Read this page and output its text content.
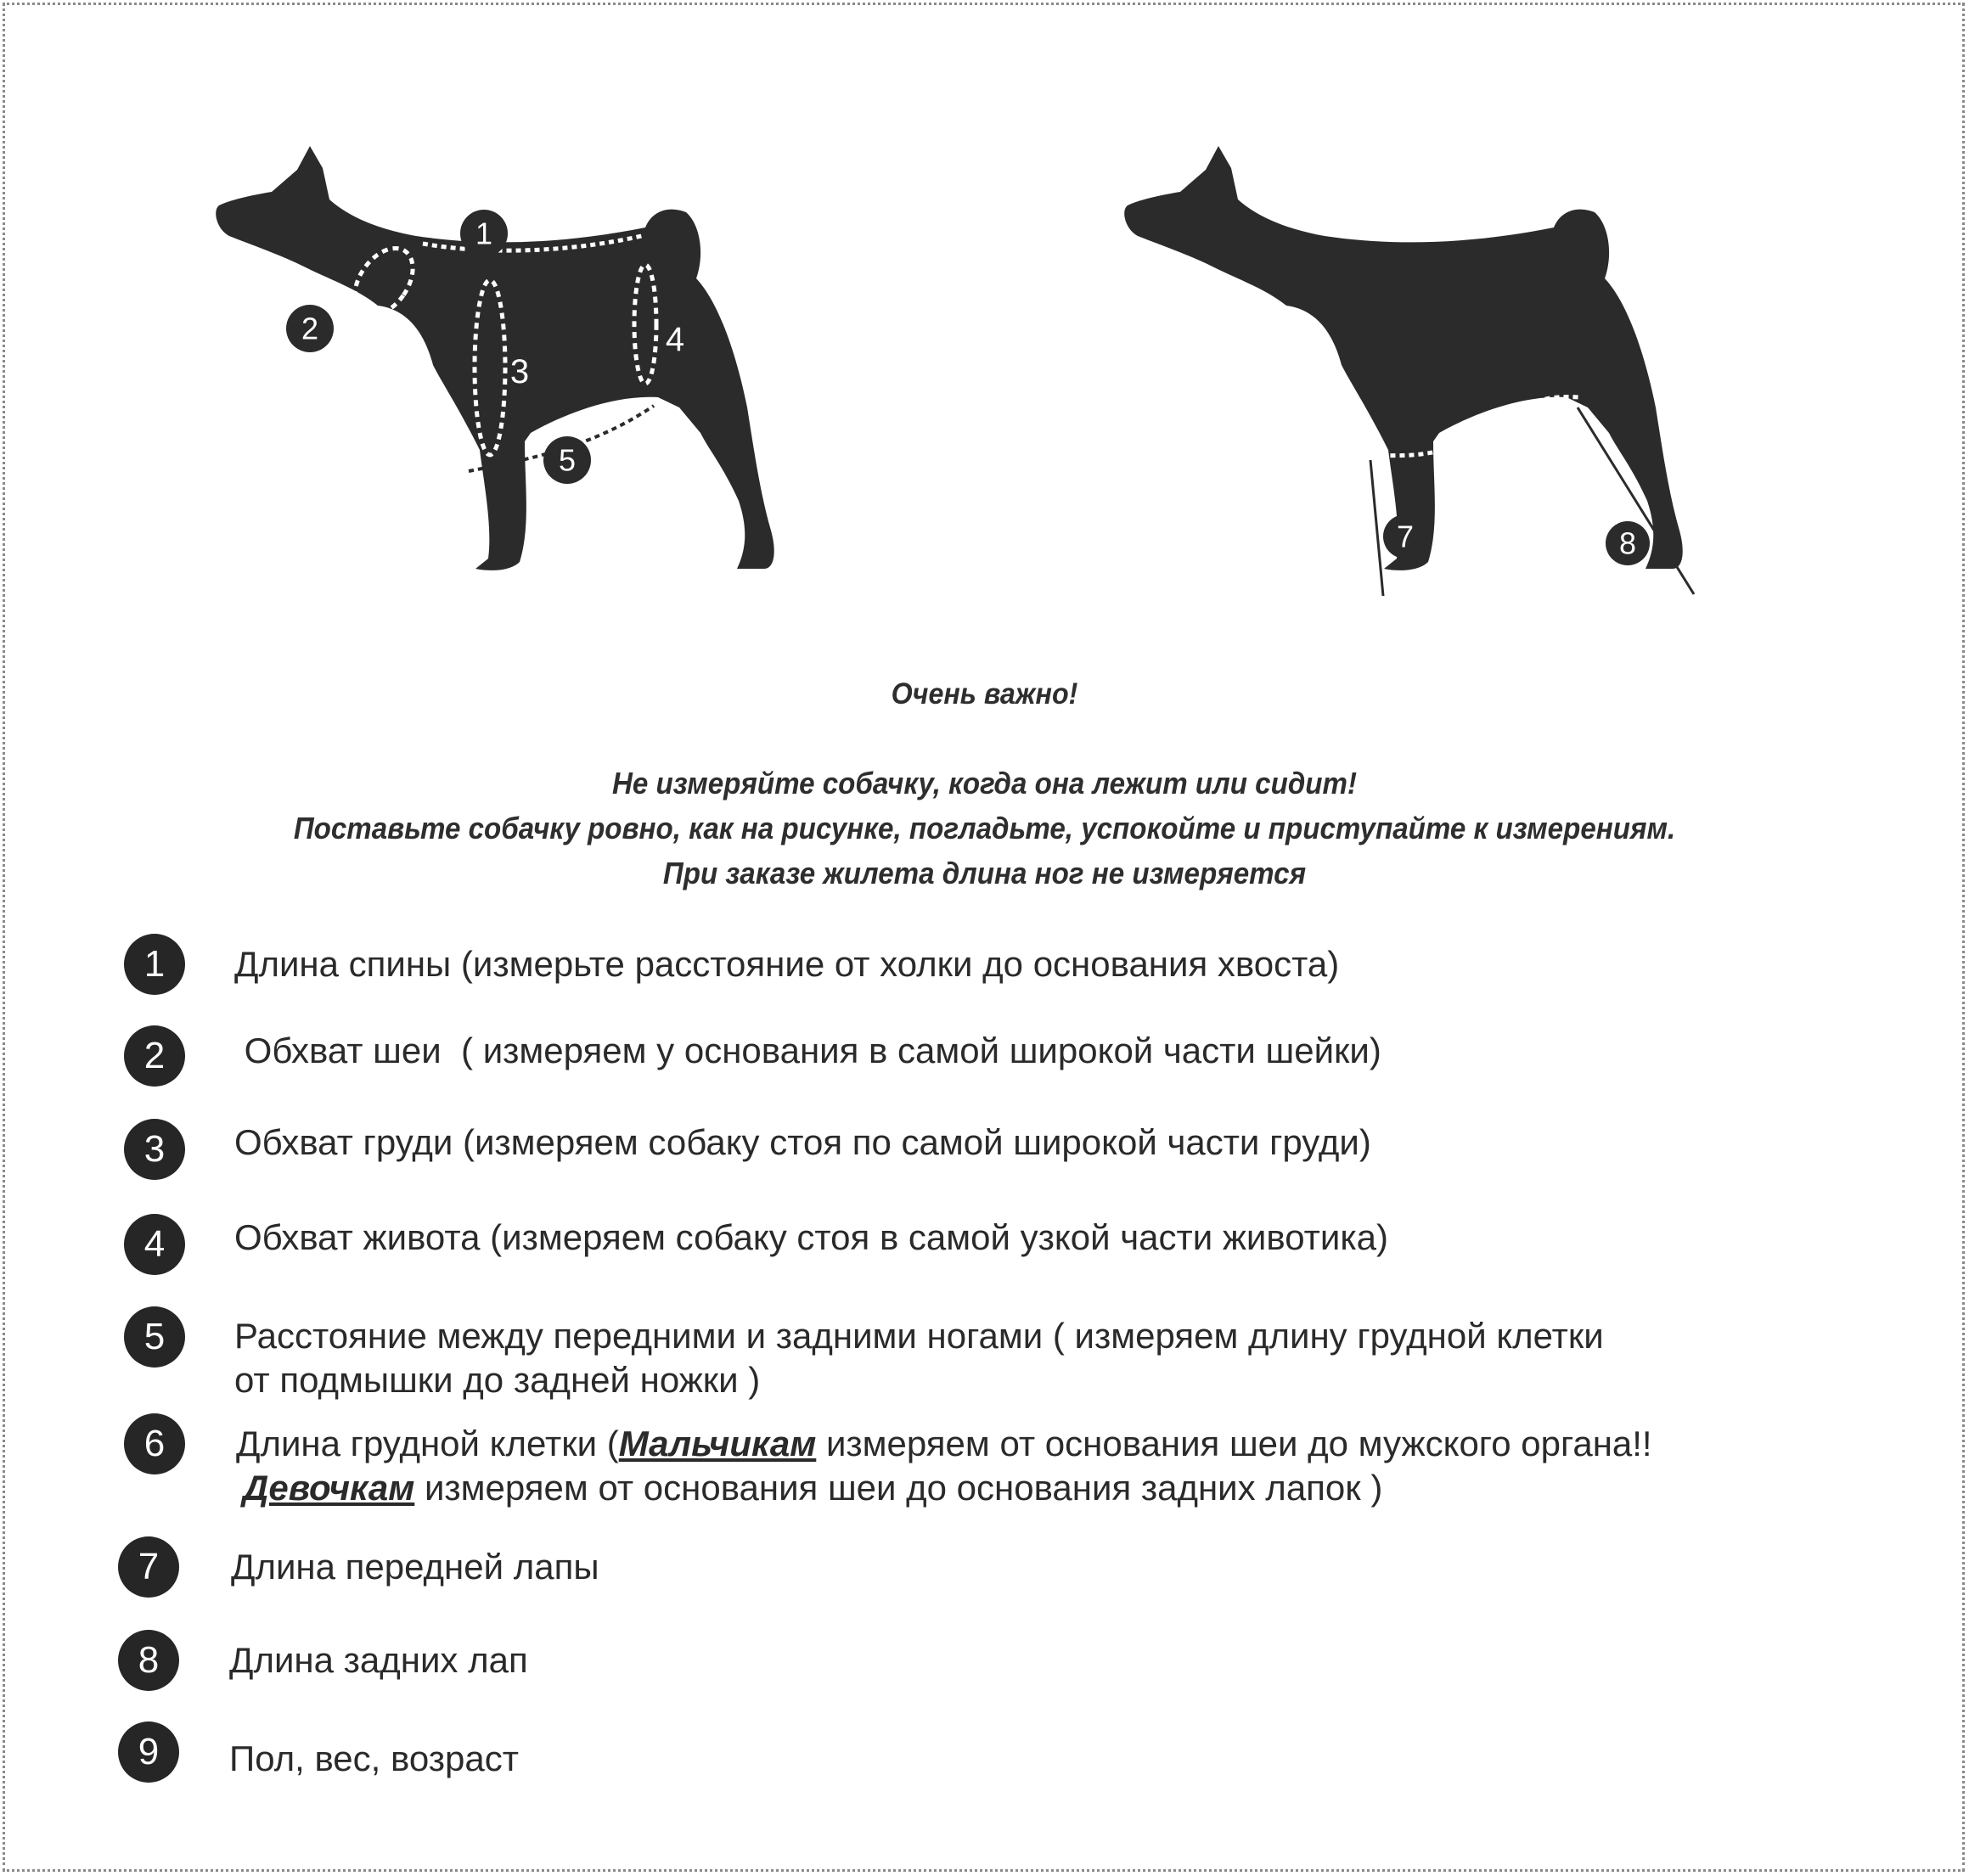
1
2
3
4
5	6
7	8
Очень важно!
Не измеряйте собачку, когда она лежит или сидит!
Поставьте собачку ровно, как на рисунке, погладьте, успокойте и приступайте к измерениям.
При заказе жилета длина ног не измеряется
1	Длина спины (измерьте расстояние от холки до основания хвоста)
2	Обхват шеи  ( измеряем у основания в самой широкой части шейки)
3	Обхват груди (измеряем собаку стоя по самой широкой части груди)
4	Обхват живота (измеряем собаку стоя в самой узкой части животика)
5	Расстояние между передними и задними ногами ( измеряем длину грудной клетки
от подмышки до задней ножки )
6	Длина грудной клетки (Мальчикам измеряем от основания шеи до мужского органа!!
Девочкам измеряем от основания шеи до основания задних лапок )
7	Длина передней лапы
8	Длина задних лап
9	Пол, вес, возраст
